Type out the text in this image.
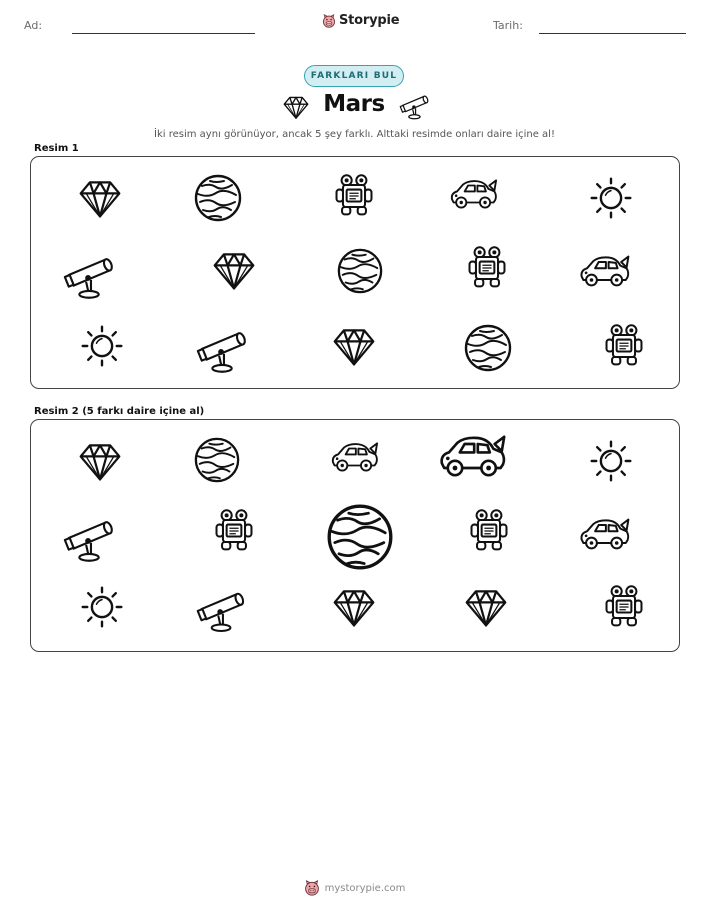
Ad:	Storypie	Tarih:
FARKLARI BUL
Mars
İki resim aynı görünüyor, ancak 5 şey farklı. Alttaki resimde onları daire içine al!
Resim 1
Resim 2 (5 farkı daire içine al)
mystorypie.com
